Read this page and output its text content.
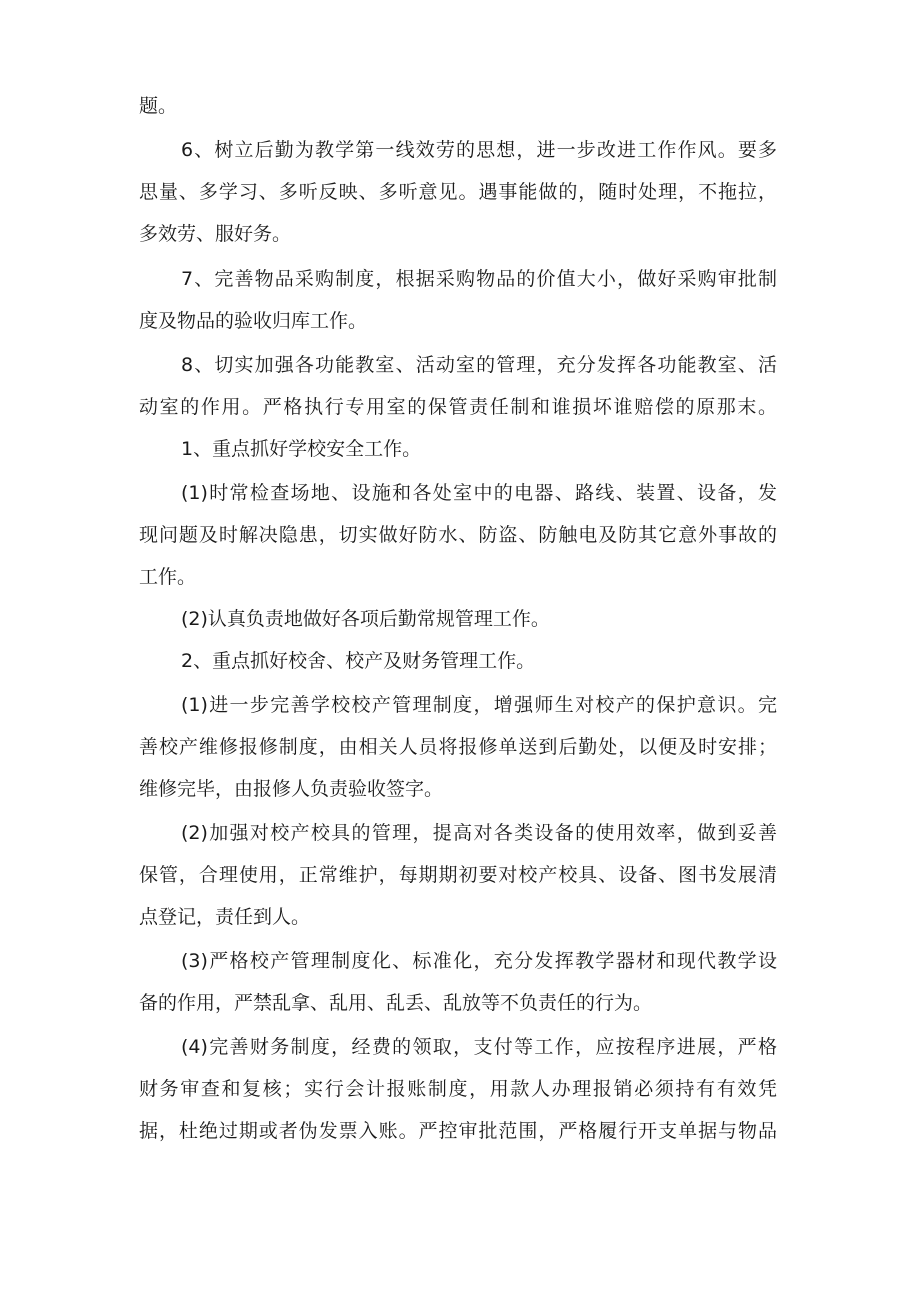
题。
6、树立后勤为教学第一线效劳的思想，进一步改进工作作风。要多
思量、多学习、多听反映、多听意见。遇事能做的，随时处理，不拖拉，
多效劳、服好务。
7、完善物品采购制度，根据采购物品的价值大小，做好采购审批制
度及物品的验收归库工作。
8、切实加强各功能教室、活动室的管理，充分发挥各功能教室、活
动室的作用。严格执行专用室的保管责任制和谁损坏谁赔偿的原那末。
1、重点抓好学校安全工作。
(1)时常检查场地、设施和各处室中的电器、路线、装置、设备，发
现问题及时解决隐患，切实做好防水、防盗、防触电及防其它意外事故的
工作。
(2)认真负责地做好各项后勤常规管理工作。
2、重点抓好校舍、校产及财务管理工作。
(1)进一步完善学校校产管理制度，增强师生对校产的保护意识。完
善校产维修报修制度，由相关人员将报修单送到后勤处，以便及时安排；
维修完毕，由报修人负责验收签字。
(2)加强对校产校具的管理，提高对各类设备的使用效率，做到妥善
保管，合理使用，正常维护，每期期初要对校产校具、设备、图书发展清
点登记，责任到人。
(3)严格校产管理制度化、标准化，充分发挥教学器材和现代教学设
备的作用，严禁乱拿、乱用、乱丢、乱放等不负责任的行为。
(4)完善财务制度，经费的领取，支付等工作，应按程序进展，严格
财务审查和复核；实行会计报账制度，用款人办理报销必须持有有效凭
据，杜绝过期或者伪发票入账。严控审批范围，严格履行开支单据与物品
